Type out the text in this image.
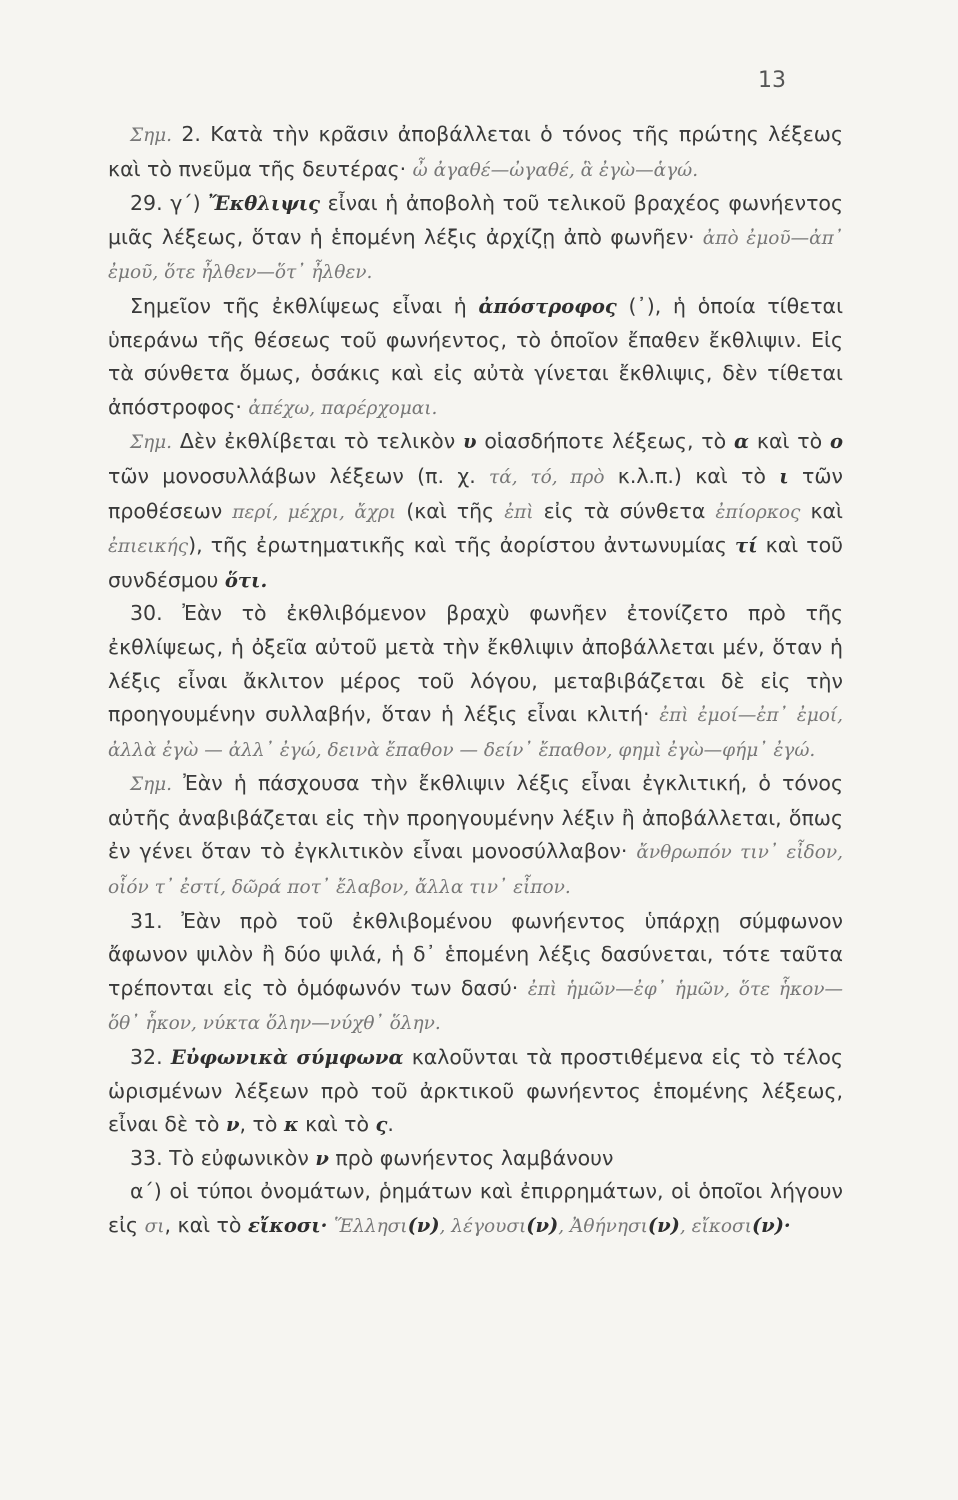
13

Σημ. 2. Κατὰ τὴν κρᾶσιν ἀποβάλλεται ὁ τόνος τῆς πρώτης λέξεως καὶ τὸ πνεῦμα τῆς δευτέρας· ὦ ἀγαθέ—ὠγαθέ, ἃ ἐγὼ—ἁγώ.

29. γ΄) Ἔκθλιψις εἶναι ἡ ἀποβολὴ τοῦ τελικοῦ βραχέος φωνήεντος μιᾶς λέξεως, ὅταν ἡ ἑπομένη λέξις ἀρχίζῃ ἀπὸ φωνῆεν· ἀπὸ ἐμοῦ—ἀπ᾿ ἐμοῦ, ὅτε ἦλθεν—ὅτ᾿ ἦλθεν.

Σημεῖον τῆς ἐκθλίψεως εἶναι ἡ ἀπόστροφος (᾿), ἡ ὁποία τίθεται ὑπεράνω τῆς θέσεως τοῦ φωνήεντος, τὸ ὁποῖον ἔπαθεν ἔκθλιψιν. Εἰς τὰ σύνθετα ὅμως, ὁσάκις καὶ εἰς αὐτὰ γίνεται ἔκθλιψις, δὲν τίθεται ἀπόστροφος· ἀπέχω, παρέρχομαι.

Σημ. Δὲν ἐκθλίβεται τὸ τελικὸν υ οἱασδήποτε λέξεως, τὸ α καὶ τὸ ο τῶν μονοσυλλάβων λέξεων (π. χ. τά, τό, πρὸ κ.λ.π.) καὶ τὸ ι τῶν προθέσεων περί, μέχρι, ἄχρι (καὶ τῆς ἐπὶ εἰς τὰ σύνθετα ἐπίορκος καὶ ἐπιεικής), τῆς ἐρωτηματικῆς καὶ τῆς ἀορίστου ἀντωνυμίας τί καὶ τοῦ συνδέσμου ὅτι.

30. Ἐὰν τὸ ἐκθλιβόμενον βραχὺ φωνῆεν ἐτονίζετο πρὸ τῆς ἐκθλίψεως, ἡ ὀξεῖα αὐτοῦ μετὰ τὴν ἔκθλιψιν ἀποβάλλεται μέν, ὅταν ἡ λέξις εἶναι ἄκλιτον μέρος τοῦ λόγου, μεταβιβάζεται δὲ εἰς τὴν προηγουμένην συλλαβήν, ὅταν ἡ λέξις εἶναι κλιτή· ἐπὶ ἐμοί—ἐπ᾿ ἐμοί, ἀλλὰ ἐγὼ — ἀλλ᾿ ἐγώ, δεινὰ ἔπαθον — δείν᾿ ἔπαθον, φημὶ ἐγὼ—φήμ᾿ ἐγώ.

Σημ. Ἐὰν ἡ πάσχουσα τὴν ἔκθλιψιν λέξις εἶναι ἐγκλιτική, ὁ τόνος αὐτῆς ἀναβιβάζεται εἰς τὴν προηγουμένην λέξιν ἢ ἀποβάλλεται, ὅπως ἐν γένει ὅταν τὸ ἐγκλιτικὸν εἶναι μονοσύλλαβον· ἄνθρωπόν τιν᾿ εἶδον, οἷόν τ᾿ ἐστί, δῶρά ποτ᾿ ἔλαβον, ἄλλα τιν᾿ εἶπον.

31. Ἐὰν πρὸ τοῦ ἐκθλιβομένου φωνήεντος ὑπάρχῃ σύμφωνον ἄφωνον ψιλὸν ἢ δύο ψιλά, ἡ δ᾿ ἑπομένη λέξις δασύνεται, τότε ταῦτα τρέπονται εἰς τὸ ὁμόφωνόν των δασύ· ἐπὶ ἡμῶν—ἐφ᾿ ἡμῶν, ὅτε ἧκον—ὅθ᾿ ἧκον, νύκτα ὅλην—νύχθ᾿ ὅλην.

32. Εὐφωνικὰ σύμφωνα καλοῦνται τὰ προστιθέμενα εἰς τὸ τέλος ὡρισμένων λέξεων πρὸ τοῦ ἀρκτικοῦ φωνήεντος ἑπομένης λέξεως, εἶναι δὲ τὸ ν, τὸ κ καὶ τὸ ς.

33. Τὸ εὐφωνικὸν ν πρὸ φωνήεντος λαμβάνουν

α΄) οἱ τύποι ὀνομάτων, ῥημάτων καὶ ἐπιρρημάτων, οἱ ὁποῖοι λήγουν εἰς σι, καὶ τὸ εἴκοσι· Ἕλλησι(ν), λέγουσι(ν), Ἀθήνησι(ν), εἴκοσι(ν)·
